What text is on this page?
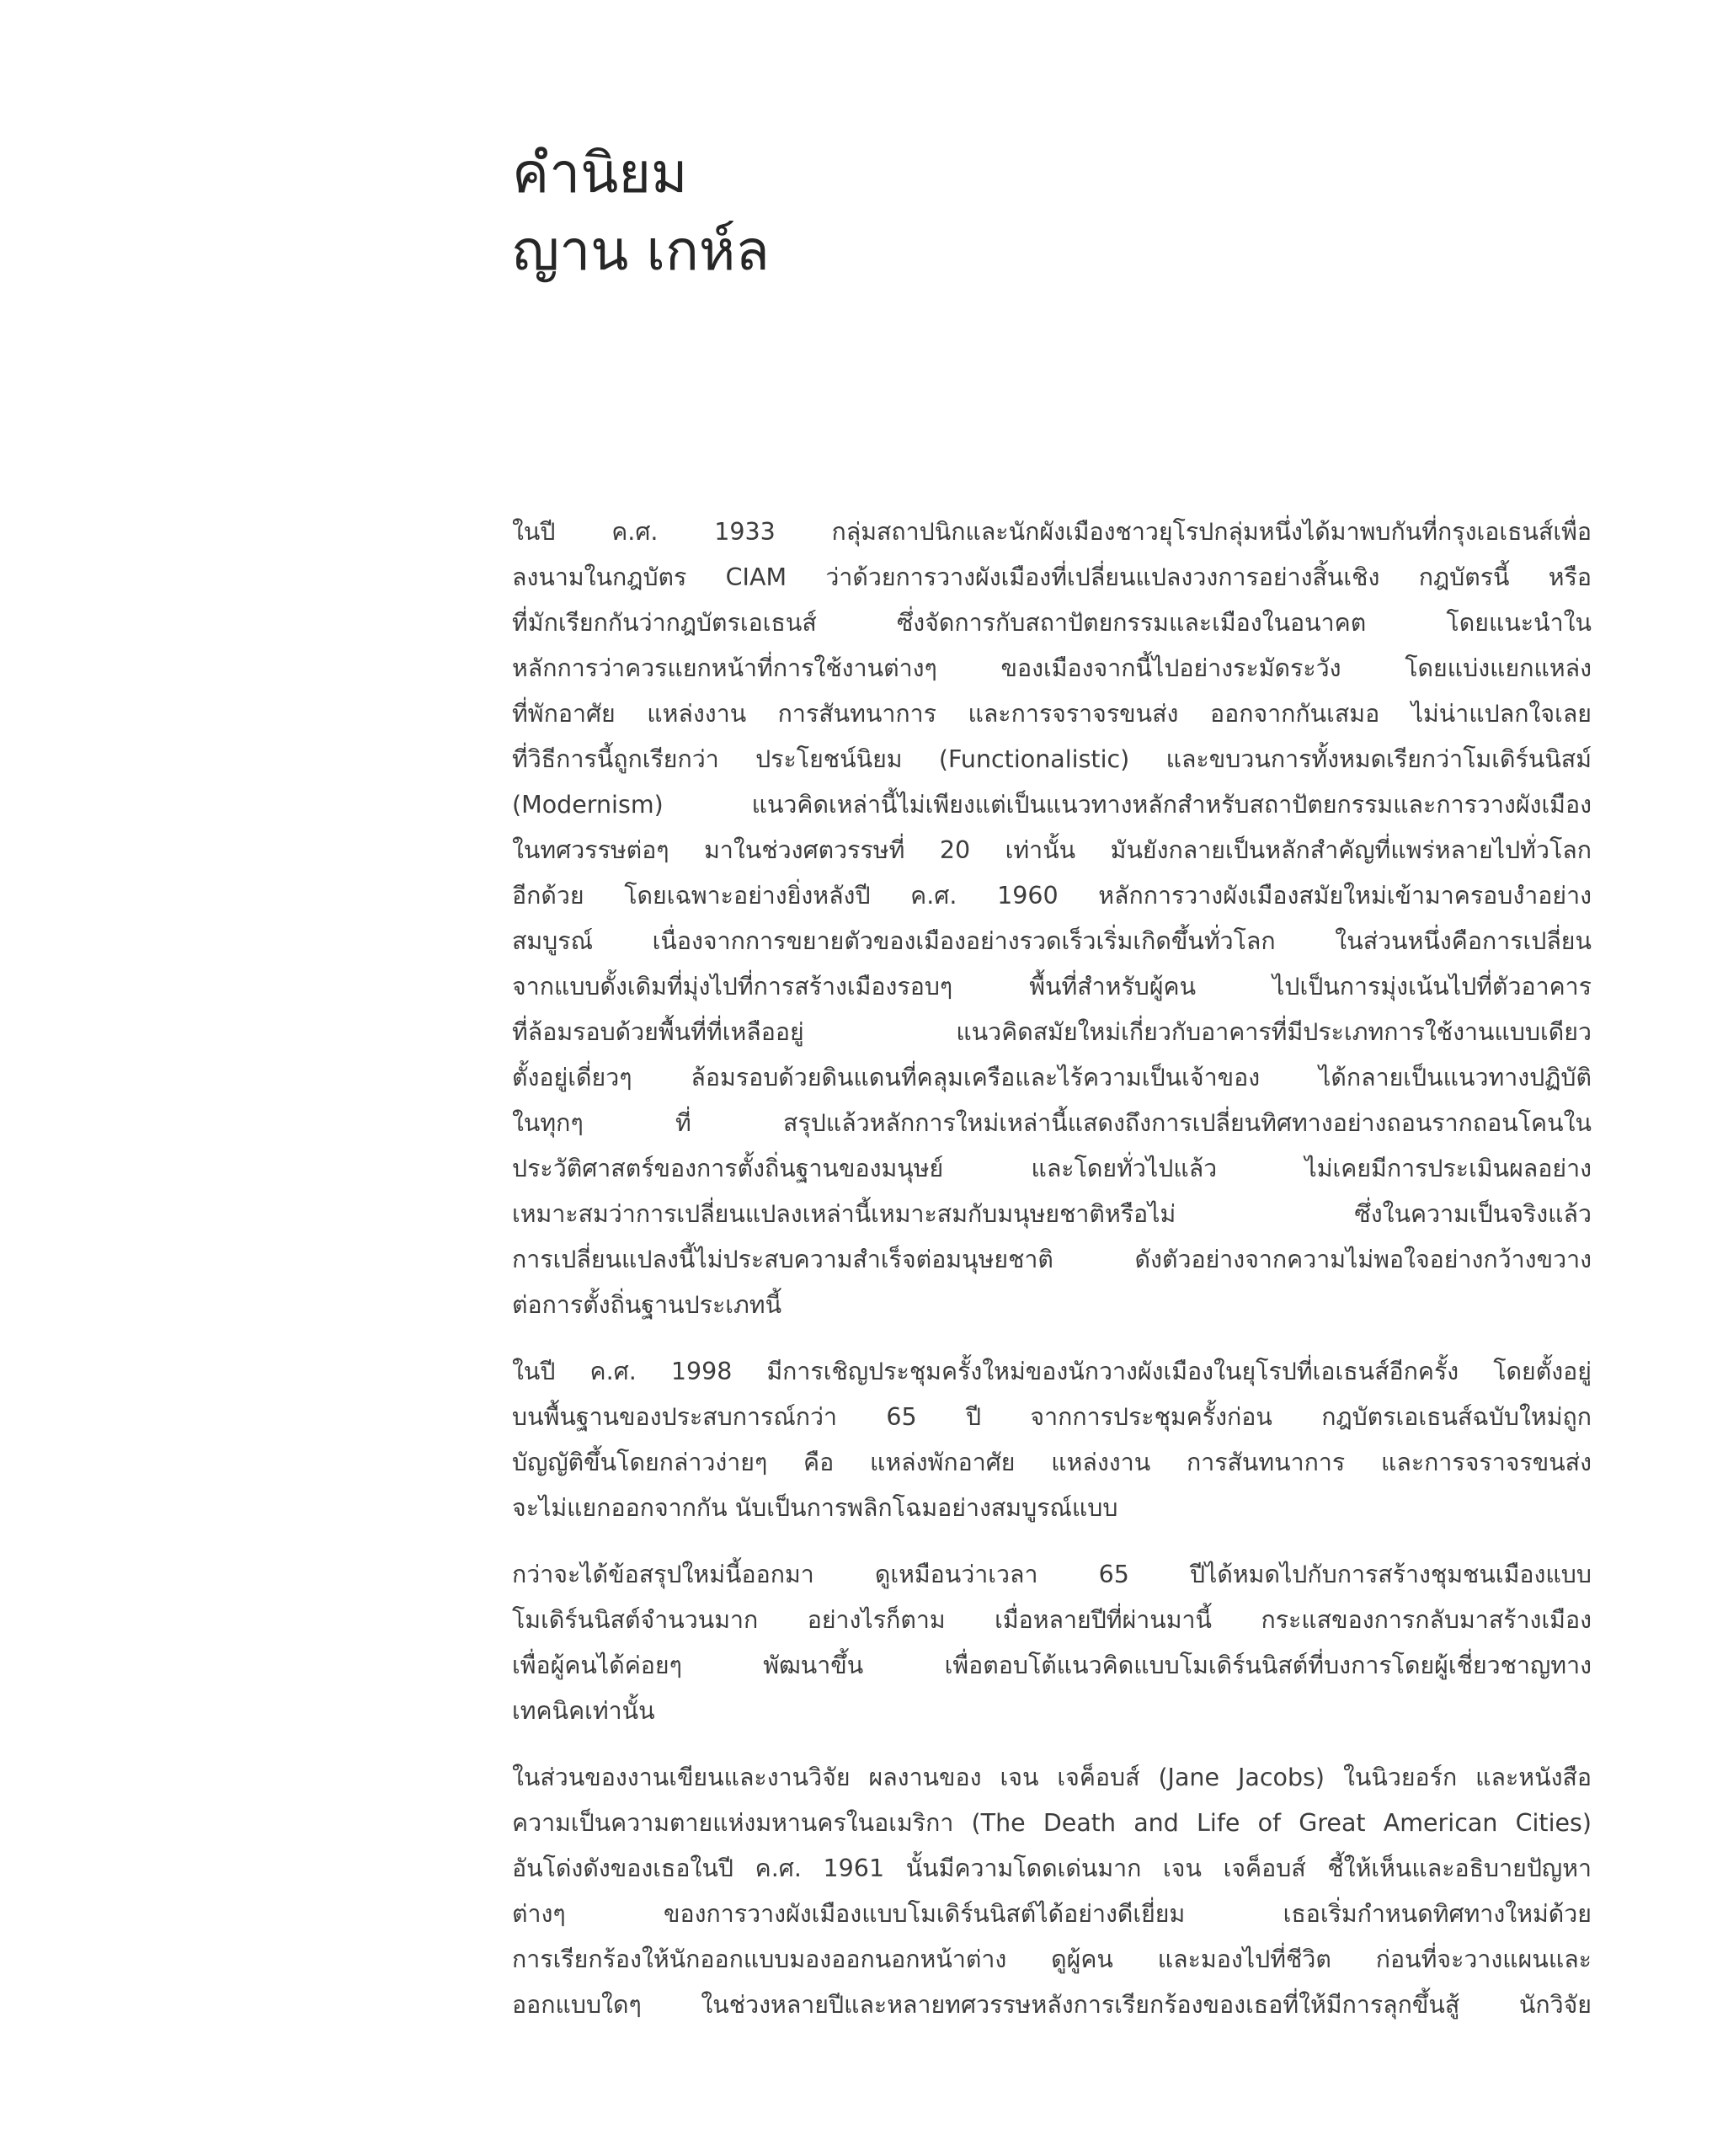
คำนิยม
ญาน เกห์ล

ในปี ค.ศ. 1933 กลุ่มสถาปนิกและนักผังเมืองชาวยุโรปกลุ่มหนึ่งได้มาพบกันที่กรุงเอเธนส์เพื่อ
ลงนามในกฎบัตร CIAM ว่าด้วยการวางผังเมืองที่เปลี่ยนแปลงวงการอย่างสิ้นเชิง กฎบัตรนี้ หรือ
ที่มักเรียกกันว่ากฎบัตรเอเธนส์ ซึ่งจัดการกับสถาปัตยกรรมและเมืองในอนาคต โดยแนะนำใน
หลักการว่าควรแยกหน้าที่การใช้งานต่างๆ ของเมืองจากนี้ไปอย่างระมัดระวัง โดยแบ่งแยกแหล่ง
ที่พักอาศัย แหล่งงาน การสันทนาการ และการจราจรขนส่ง ออกจากกันเสมอ ไม่น่าแปลกใจเลย
ที่วิธีการนี้ถูกเรียกว่า ประโยชน์นิยม (Functionalistic) และขบวนการทั้งหมดเรียกว่าโมเดิร์นนิสม์
(Modernism) แนวคิดเหล่านี้ไม่เพียงแต่เป็นแนวทางหลักสำหรับสถาปัตยกรรมและการวางผังเมือง
ในทศวรรษต่อๆ มาในช่วงศตวรรษที่ 20 เท่านั้น มันยังกลายเป็นหลักสำคัญที่แพร่หลายไปทั่วโลก
อีกด้วย โดยเฉพาะอย่างยิ่งหลังปี ค.ศ. 1960 หลักการวางผังเมืองสมัยใหม่เข้ามาครอบงำอย่าง
สมบูรณ์ เนื่องจากการขยายตัวของเมืองอย่างรวดเร็วเริ่มเกิดขึ้นทั่วโลก ในส่วนหนึ่งคือการเปลี่ยน
จากแบบดั้งเดิมที่มุ่งไปที่การสร้างเมืองรอบๆ พื้นที่สำหรับผู้คน ไปเป็นการมุ่งเน้นไปที่ตัวอาคาร
ที่ล้อมรอบด้วยพื้นที่ที่เหลืออยู่ แนวคิดสมัยใหม่เกี่ยวกับอาคารที่มีประเภทการใช้งานแบบเดียว
ตั้งอยู่เดี่ยวๆ ล้อมรอบด้วยดินแดนที่คลุมเครือและไร้ความเป็นเจ้าของ ได้กลายเป็นแนวทางปฏิบัติ
ในทุกๆ ที่ สรุปแล้วหลักการใหม่เหล่านี้แสดงถึงการเปลี่ยนทิศทางอย่างถอนรากถอนโคนใน
ประวัติศาสตร์ของการตั้งถิ่นฐานของมนุษย์ และโดยทั่วไปแล้ว ไม่เคยมีการประเมินผลอย่าง
เหมาะสมว่าการเปลี่ยนแปลงเหล่านี้เหมาะสมกับมนุษยชาติหรือไม่ ซึ่งในความเป็นจริงแล้ว
การเปลี่ยนแปลงนี้ไม่ประสบความสำเร็จต่อมนุษยชาติ ดังตัวอย่างจากความไม่พอใจอย่างกว้างขวาง
ต่อการตั้งถิ่นฐานประเภทนี้

ในปี ค.ศ. 1998 มีการเชิญประชุมครั้งใหม่ของนักวางผังเมืองในยุโรปที่เอเธนส์อีกครั้ง โดยตั้งอยู่
บนพื้นฐานของประสบการณ์กว่า 65 ปี จากการประชุมครั้งก่อน กฎบัตรเอเธนส์ฉบับใหม่ถูก
บัญญัติขึ้นโดยกล่าวง่ายๆ คือ แหล่งพักอาศัย แหล่งงาน การสันทนาการ และการจราจรขนส่ง
จะไม่แยกออกจากกัน นับเป็นการพลิกโฉมอย่างสมบูรณ์แบบ

กว่าจะได้ข้อสรุปใหม่นี้ออกมา ดูเหมือนว่าเวลา 65 ปีได้หมดไปกับการสร้างชุมชนเมืองแบบ
โมเดิร์นนิสต์จำนวนมาก อย่างไรก็ตาม เมื่อหลายปีที่ผ่านมานี้ กระแสของการกลับมาสร้างเมือง
เพื่อผู้คนได้ค่อยๆ พัฒนาขึ้น เพื่อตอบโต้แนวคิดแบบโมเดิร์นนิสต์ที่บงการโดยผู้เชี่ยวชาญทาง
เทคนิคเท่านั้น

ในส่วนของงานเขียนและงานวิจัย ผลงานของ เจน เจค็อบส์ (Jane Jacobs) ในนิวยอร์ก และหนังสือ
ความเป็นความตายแห่งมหานครในอเมริกา (The Death and Life of Great American Cities)
อันโด่งดังของเธอในปี ค.ศ. 1961 นั้นมีความโดดเด่นมาก เจน เจค็อบส์ ชี้ให้เห็นและอธิบายปัญหา
ต่างๆ ของการวางผังเมืองแบบโมเดิร์นนิสต์ได้อย่างดีเยี่ยม เธอเริ่มกำหนดทิศทางใหม่ด้วย
การเรียกร้องให้นักออกแบบมองออกนอกหน้าต่าง ดูผู้คน และมองไปที่ชีวิต ก่อนที่จะวางแผนและ
ออกแบบใดๆ ในช่วงหลายปีและหลายทศวรรษหลังการเรียกร้องของเธอที่ให้มีการลุกขึ้นสู้ นักวิจัย
